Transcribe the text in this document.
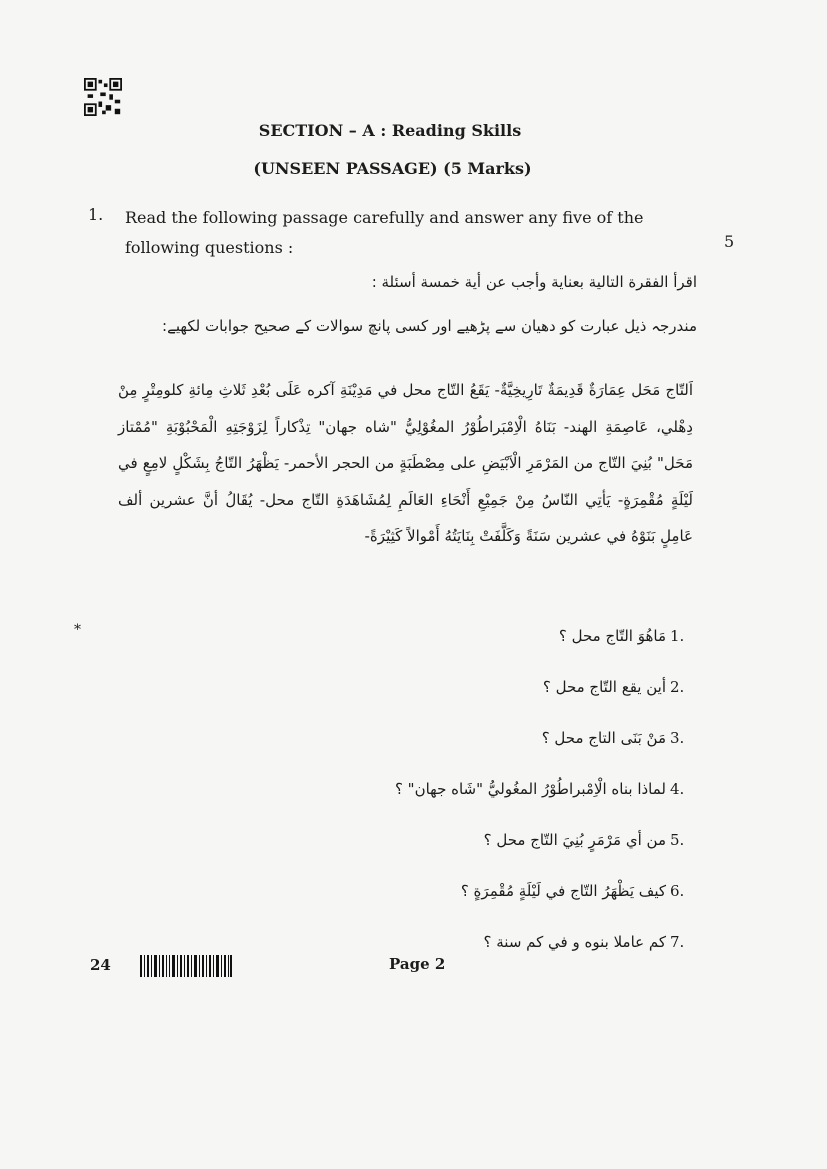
SECTION – A : Reading Skills
(UNSEEN PASSAGE) (5 Marks)
1. Read the following passage carefully and answer any five of the following questions :	5
اقرأ الفقرة التالية بعناية وأجب عن أية خمسة أسئلة :
مندرجہ ذیل عبارت کو دھیان سے پڑھیے اور کسی پانچ سوالات کے صحیح جوابات لکھیے:
اَلتّاج مَحَل عِمَارَةٌ قَدِيمَةٌ تَارِيخِيَّةٌ- يَقَعُ التّاج محل في مَدِيْنَةِ آكره عَلَى بُعْدِ ثَلاثِ مِائةِ كلومِتْرٍ مِنْ دِهْلي، عَاصِمَةِ الهند- بَنَاهُ الْاِمْبَراطُوْرُ المغُوْلِيُّ "شاه جهان" تِذْكاراً لِزَوْجَتِهِ الْمَحْبُوْبَةِ "مُمْتاز مَحَل" بُنِيَ التّاج من المَرْمَرِ الْاَبْيَضِ على مِصْطَبَةٍ من الحجر الأحمر- يَظْهَرُ التّاجُ بِشَكْلٍ لامِعٍ في لَيْلَةٍ مُقْمِرَةٍ- يَأتِي النّاسُ مِنْ جَمِيْعِ أَنْحَاءِ العَالَمِ لِمُشَاهَدَةِ التّاج محل- يُقَالُ أنَّ عشرين ألف عَامِلٍ بَنَوْهُ في عشرين سَنَةً وَكَلَّفَتْ بِنَايَتُهُ أَمْوالاً كَثِيْرَةً-
*	1.
مَاهُوَ التّاج محل ؟
2.
أين يقع التّاج محل ؟
3.
مَنْ بَنَى التاج محل ؟
4.
لماذا بناه الْاِمْبراطُوْرُ المغُوليُّ "شَاه جهان" ؟
5.
من أي مَرْمَرٍ بُنِيَ التّاج محل ؟
6.
كيف يَظْهَرُ التّاج في لَيْلَةٍ مُقْمِرَةٍ ؟
7.
كم عاملا بنوه و في كم سنة ؟
24	Page 2
